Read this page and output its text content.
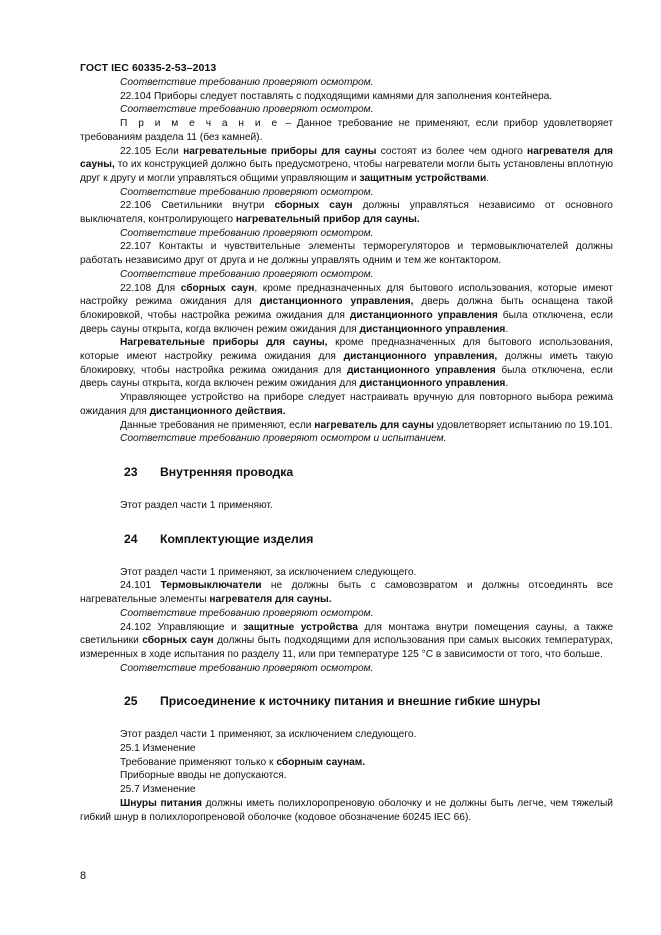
ГОСТ IEC 60335-2-53–2013

Соответствие требованию проверяют осмотром.

22.104 Приборы следует поставлять с подходящими камнями для заполнения контейнера.

Соответствие требованию проверяют осмотром.

П р и м е ч а н и е – Данное требование не применяют, если прибор удовлетворяет требованиям раздела 11 (без камней).

22.105 Если нагревательные приборы для сауны состоят из более чем одного нагревателя для сауны, то их конструкцией должно быть предусмотрено, чтобы нагреватели могли быть установлены вплотную друг к другу и могли управляться общими управляющим и защитным устройствами.

Соответствие требованию проверяют осмотром.

22.106 Светильники внутри сборных саун должны управляться независимо от основного выключателя, контролирующего нагревательный прибор для сауны.

Соответствие требованию проверяют осмотром.

22.107 Контакты и чувствительные элементы терморегуляторов и термовыключателей должны работать независимо друг от друга и не должны управлять одним и тем же контактором.

Соответствие требованию проверяют осмотром.

22.108 Для сборных саун, кроме предназначенных для бытового использования, которые имеют настройку режима ожидания для дистанционного управления, дверь должна быть оснащена такой блокировкой, чтобы настройка режима ожидания для дистанционного управления была отключена, если дверь сауны открыта, когда включен режим ожидания для дистанционного управления.

Нагревательные приборы для сауны, кроме предназначенных для бытового использования, которые имеют настройку режима ожидания для дистанционного управления, должны иметь такую блокировку, чтобы настройка режима ожидания для дистанционного управления была отключена, если дверь сауны открыта, когда включен режим ожидания для дистанционного управления.

Управляющее устройство на приборе следует настраивать вручную для повторного выбора режима ожидания для дистанционного действия.

Данные требования не применяют, если нагреватель для сауны удовлетворяет испытанию по 19.101.

Соответствие требованию проверяют осмотром и испытанием.

23	Внутренняя проводка

Этот раздел части 1 применяют.

24	Комплектующие изделия

Этот раздел части 1 применяют, за исключением следующего.

24.101 Термовыключатели не должны быть с самовозвратом и должны отсоединять все нагревательные элементы нагревателя для сауны.

Соответствие требованию проверяют осмотром.

24.102 Управляющие и защитные устройства для монтажа внутри помещения сауны, а также светильники сборных саун должны быть подходящими для использования при самых высоких температурах, измеренных в ходе испытания по разделу 11, или при температуре 125 °С в зависимости от того, что больше.

Соответствие требованию проверяют осмотром.

25	Присоединение к источнику питания и внешние гибкие шнуры

Этот раздел части 1 применяют, за исключением следующего.

25.1 Изменение

Требование применяют только к сборным саунам.

Приборные вводы не допускаются.

25.7 Изменение

Шнуры питания должны иметь полихлоропреновую оболочку и не должны быть легче, чем тяжелый гибкий шнур в полихлоропреновой оболочке (кодовое обозначение 60245 IEC 66).

8
